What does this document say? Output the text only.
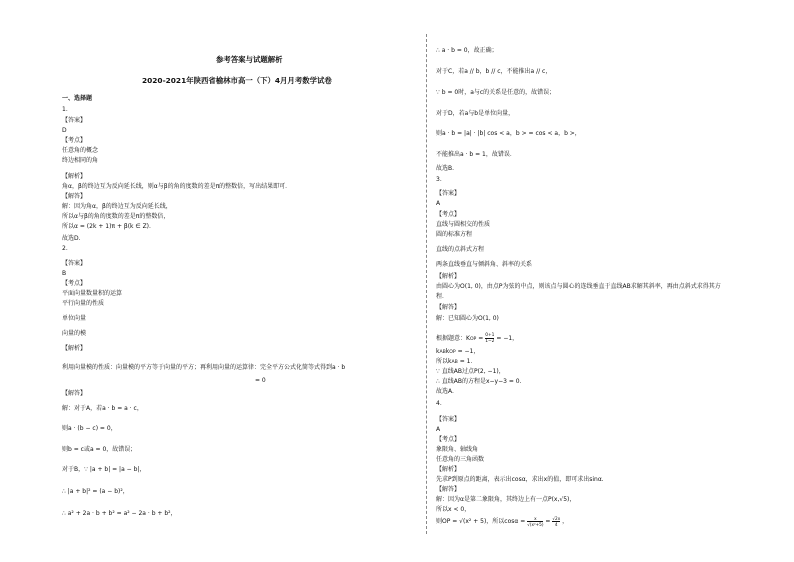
参考答案与试题解析
2020-2021年陕西省榆林市高一（下）4月月考数学试卷
一、选择题
1.
【答案】
D
【考点】
任意角的概念
终边相同的角
【解析】
角α，β的终边互为反向延长线，则α与β的角的度数的差是π的整数倍，写出结果即可．
【解答】
解：因为角α，β的终边互为反向延长线，
所以α与β的角的度数的差是π的整数倍，
所以α = (2k + 1)π + β(k ∈ Z).
故选D.
2.
【答案】
B
【考点】
平面向量数量积的运算
平行向量的性质
单位向量
向量的模
【解析】
利用向量模的性质：向量模的平方等于向量的平方；再利用向量的运算律：完全平方公式化简等式得到a · b
= 0
【解答】
解：对于A，若a · b = a · c，
则a · (b − c) = 0，
则b = c或a = 0，故错误；
对于B，∵ |a + b| = |a − b|，
∴ |a + b|² = (a − b)²，
∴ a² + 2a · b + b² = a² − 2a · b + b²，
∴ a · b = 0，故正确；
对于C，若a // b，b // c，不能推出a // c，
∵ b = 0时，a与c的关系是任意的，故错误；
对于D，若a与b是单位向量，
则a · b = |a| · |b| cos < a，b > = cos < a，b >，
不能推出a · b = 1，故错误．
故选B.
3.
【答案】
A
【考点】
直线与圆相交的性质
圆的标准方程
直线的点斜式方程
两条直线垂直与倾斜角、斜率的关系
【解析】
由圆心为O(1, 0)，由点P为弦的中点，则该点与圆心的连线垂直于直线AB求解其斜率，再由点斜式求得其方
程．
【解答】
解：已知圆心为O(1, 0)
根据题意：KOP = $\frac{0+1}{1-2} = -1$，
kABkOP = −1，
所以kAB = 1．
∵ 直线AB过点P(2, −1)，
∴ 直线AB的方程是x−y−3 = 0.
故选A.
4.
【答案】
A
【考点】
象限角、轴线角
任意角的三角函数
【解析】
先求P到原点的距离，表示出cosα，求出x的值，即可求出sinα.
【解答】
解：因为α是第二象限角，其终边上有一点P(x,√5)，
所以x < 0，
则OP = √(x² + 5)，所以$\cos\alpha = \frac{x}{\text{√(x²+5)}} = \frac{√2x}{4}$ ，
